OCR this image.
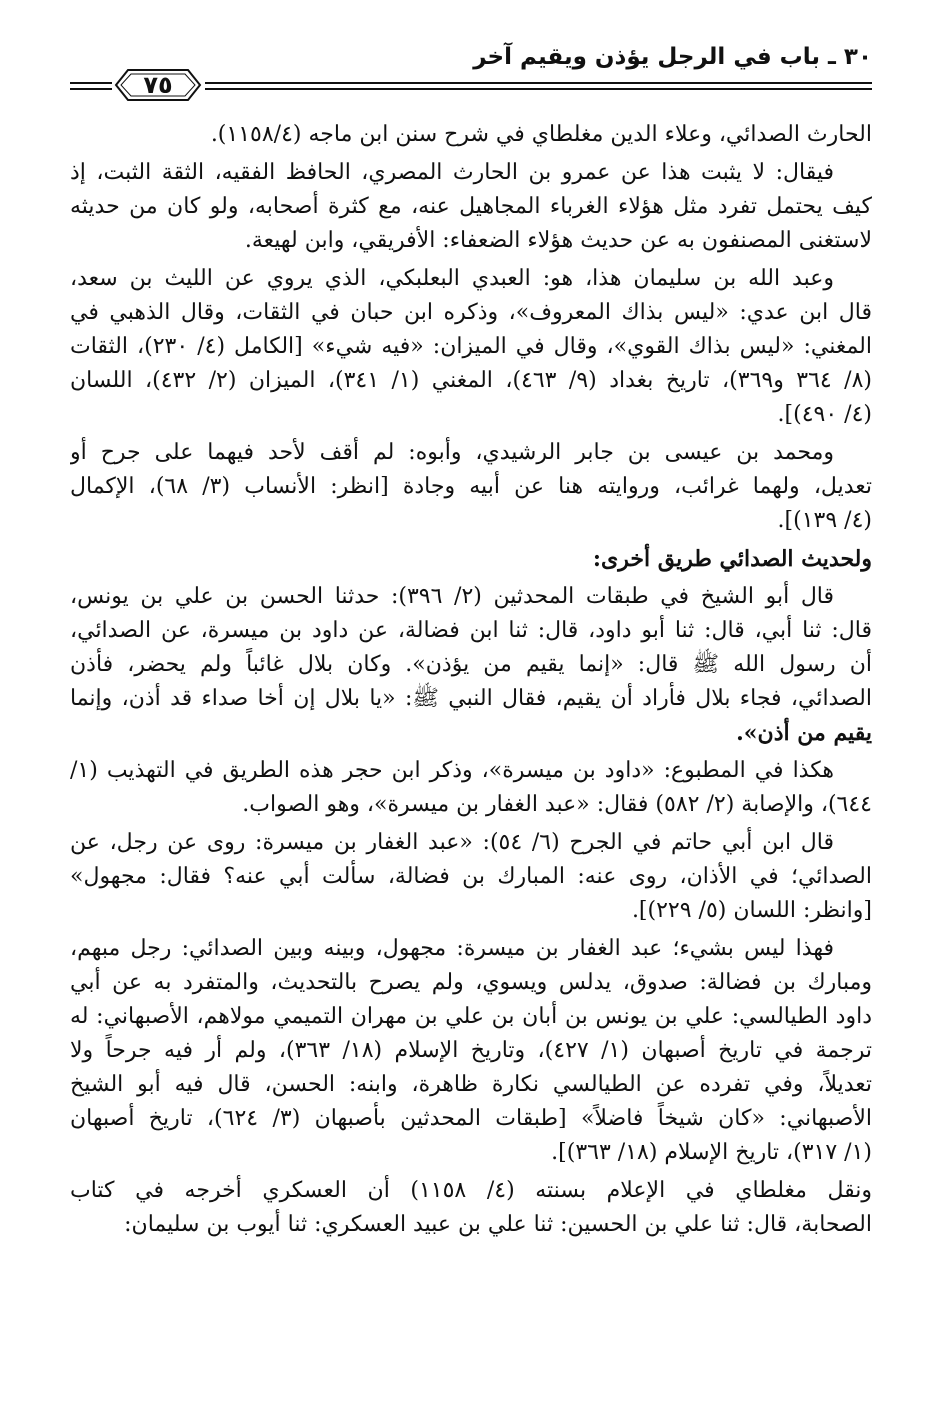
٣٠ ـ باب في الرجل يؤذن ويقيم آخر
٧٥
الحارث الصدائي، وعلاء الدين مغلطاي في شرح سنن ابن ماجه (١١٥٨/٤).
فيقال: لا يثبت هذا عن عمرو بن الحارث المصري، الحافظ الفقيه، الثقة الثبت، إذ
كيف يحتمل تفرد مثل هؤلاء الغرباء المجاهيل عنه، مع كثرة أصحابه، ولو كان من حديثه
لاستغنى المصنفون به عن حديث هؤلاء الضعفاء: الأفريقي، وابن لهيعة.
وعبد الله بن سليمان هذا، هو: العبدي البعلبكي، الذي يروي عن الليث بن سعد،
قال ابن عدي: «ليس بذاك المعروف»، وذكره ابن حبان في الثقات، وقال الذهبي في
المغني: «ليس بذاك القوي»، وقال في الميزان: «فيه شيء» [الكامل (٤/ ٢٣٠)، الثقات
(٨/ ٣٦٤ و٣٦٩)، تاريخ بغداد (٩/ ٤٦٣)، المغني (١/ ٣٤١)، الميزان (٢/ ٤٣٢)، اللسان
(٤/ ٤٩٠)].
ومحمد بن عيسى بن جابر الرشيدي، وأبوه: لم أقف لأحد فيهما على جرح أو
تعديل، ولهما غرائب، وروايته هنا عن أبيه وجادة [انظر: الأنساب (٣/ ٦٨)، الإكمال
(٤/ ١٣٩)].
ولحديث الصدائي طريق أخرى:
قال أبو الشيخ في طبقات المحدثين (٢/ ٣٩٦): حدثنا الحسن بن علي بن يونس،
قال: ثنا أبي، قال: ثنا أبو داود، قال: ثنا ابن فضالة، عن داود بن ميسرة، عن الصدائي،
أن رسول الله ﷺ قال: «إنما يقيم من يؤذن». وكان بلال غائباً ولم يحضر، فأذن
الصدائي، فجاء بلال فأراد أن يقيم، فقال النبي ﷺ: «يا بلال إن أخا صداء قد أذن، وإنما
يقيم من أذن».
هكذا في المطبوع: «داود بن ميسرة»، وذكر ابن حجر هذه الطريق في التهذيب (١/
٦٤٤)، والإصابة (٢/ ٥٨٢) فقال: «عبد الغفار بن ميسرة»، وهو الصواب.
قال ابن أبي حاتم في الجرح (٦/ ٥٤): «عبد الغفار بن ميسرة: روى عن رجل، عن
الصدائي؛ في الأذان، روى عنه: المبارك بن فضالة، سألت أبي عنه؟ فقال: مجهول»
[وانظر: اللسان (٥/ ٢٢٩)].
فهذا ليس بشيء؛ عبد الغفار بن ميسرة: مجهول، وبينه وبين الصدائي: رجل مبهم،
ومبارك بن فضالة: صدوق، يدلس ويسوي، ولم يصرح بالتحديث، والمتفرد به عن أبي
داود الطيالسي: علي بن يونس بن أبان بن علي بن مهران التميمي مولاهم، الأصبهاني: له
ترجمة في تاريخ أصبهان (١/ ٤٢٧)، وتاريخ الإسلام (١٨/ ٣٦٣)، ولم أر فيه جرحاً ولا
تعديلاً، وفي تفرده عن الطيالسي نكارة ظاهرة، وابنه: الحسن، قال فيه أبو الشيخ
الأصبهاني: «كان شيخاً فاضلاً» [طبقات المحدثين بأصبهان (٣/ ٦٢٤)، تاريخ أصبهان
(١/ ٣١٧)، تاريخ الإسلام (١٨/ ٣٦٣)].
ونقل مغلطاي في الإعلام بسنته (٤/ ١١٥٨) أن العسكري أخرجه في كتاب
الصحابة، قال: ثنا علي بن الحسين: ثنا علي بن عبيد العسكري: ثنا أيوب بن سليمان:
